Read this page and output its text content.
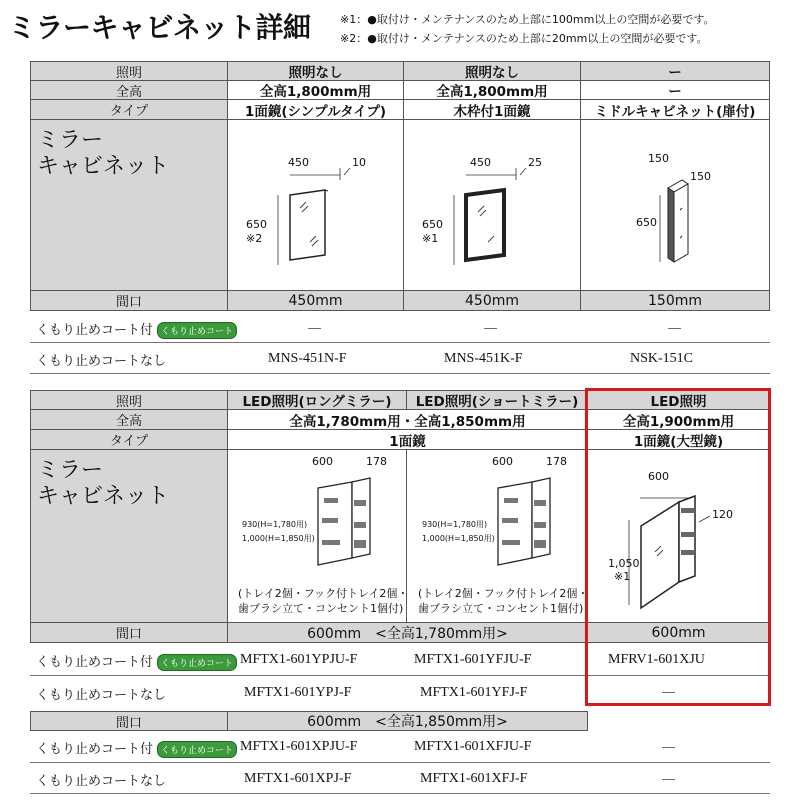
ミラーキャビネット詳細	※1：●取付け・メンテナンスのため上部に100mm以上の空間が必要です。
※2：●取付け・メンテナンスのため上部に20mm以上の空間が必要です。
照明	照明なし	照明なし	ー
全高	全高1,800mm用	全高1,800mm用	ー
タイプ	1面鏡(シンプルタイプ)	木枠付1面鏡	ミドルキャビネット(扉付)
ミラー
キャビネット	450	10
650
※2
450	25
650
※1
150
150
650
間口	450mm	450mm	150mm
くもり止めコート付 くもり止めコート	―	―	―
くもり止めコートなし	MNS-451N-F	MNS-451K-F	NSK-151C
照明	LED照明(ロングミラー)	LED照明(ショートミラー)	LED照明
全高	全高1,780mm用・全高1,850mm用	全高1,900mm用
タイプ	1面鏡	1面鏡(大型鏡)
ミラー
キャビネット
600	178
930(H=1,780用)
1,000(H=1,850用)
(トレイ2個・フック付トレイ2個・
歯ブラシ立て・コンセント1個付)
600	178
930(H=1,780用)
1,000(H=1,850用)
(トレイ2個・フック付トレイ2個・
歯ブラシ立て・コンセント1個付)
600
120
1,050
※1
間口	600mm　<全高1,780mm用>	600mm
くもり止めコート付 くもり止めコート MFTX1-601YPJU-F	MFTX1-601YFJU-F	MFRV1-601XJU
くもり止めコートなし	MFTX1-601YPJ-F	MFTX1-601YFJ-F	―
間口	600mm　<全高1,850mm用>
くもり止めコート付 くもり止めコート MFTX1-601XPJU-F	MFTX1-601XFJU-F	―
くもり止めコートなし	MFTX1-601XPJ-F	MFTX1-601XFJ-F	―
